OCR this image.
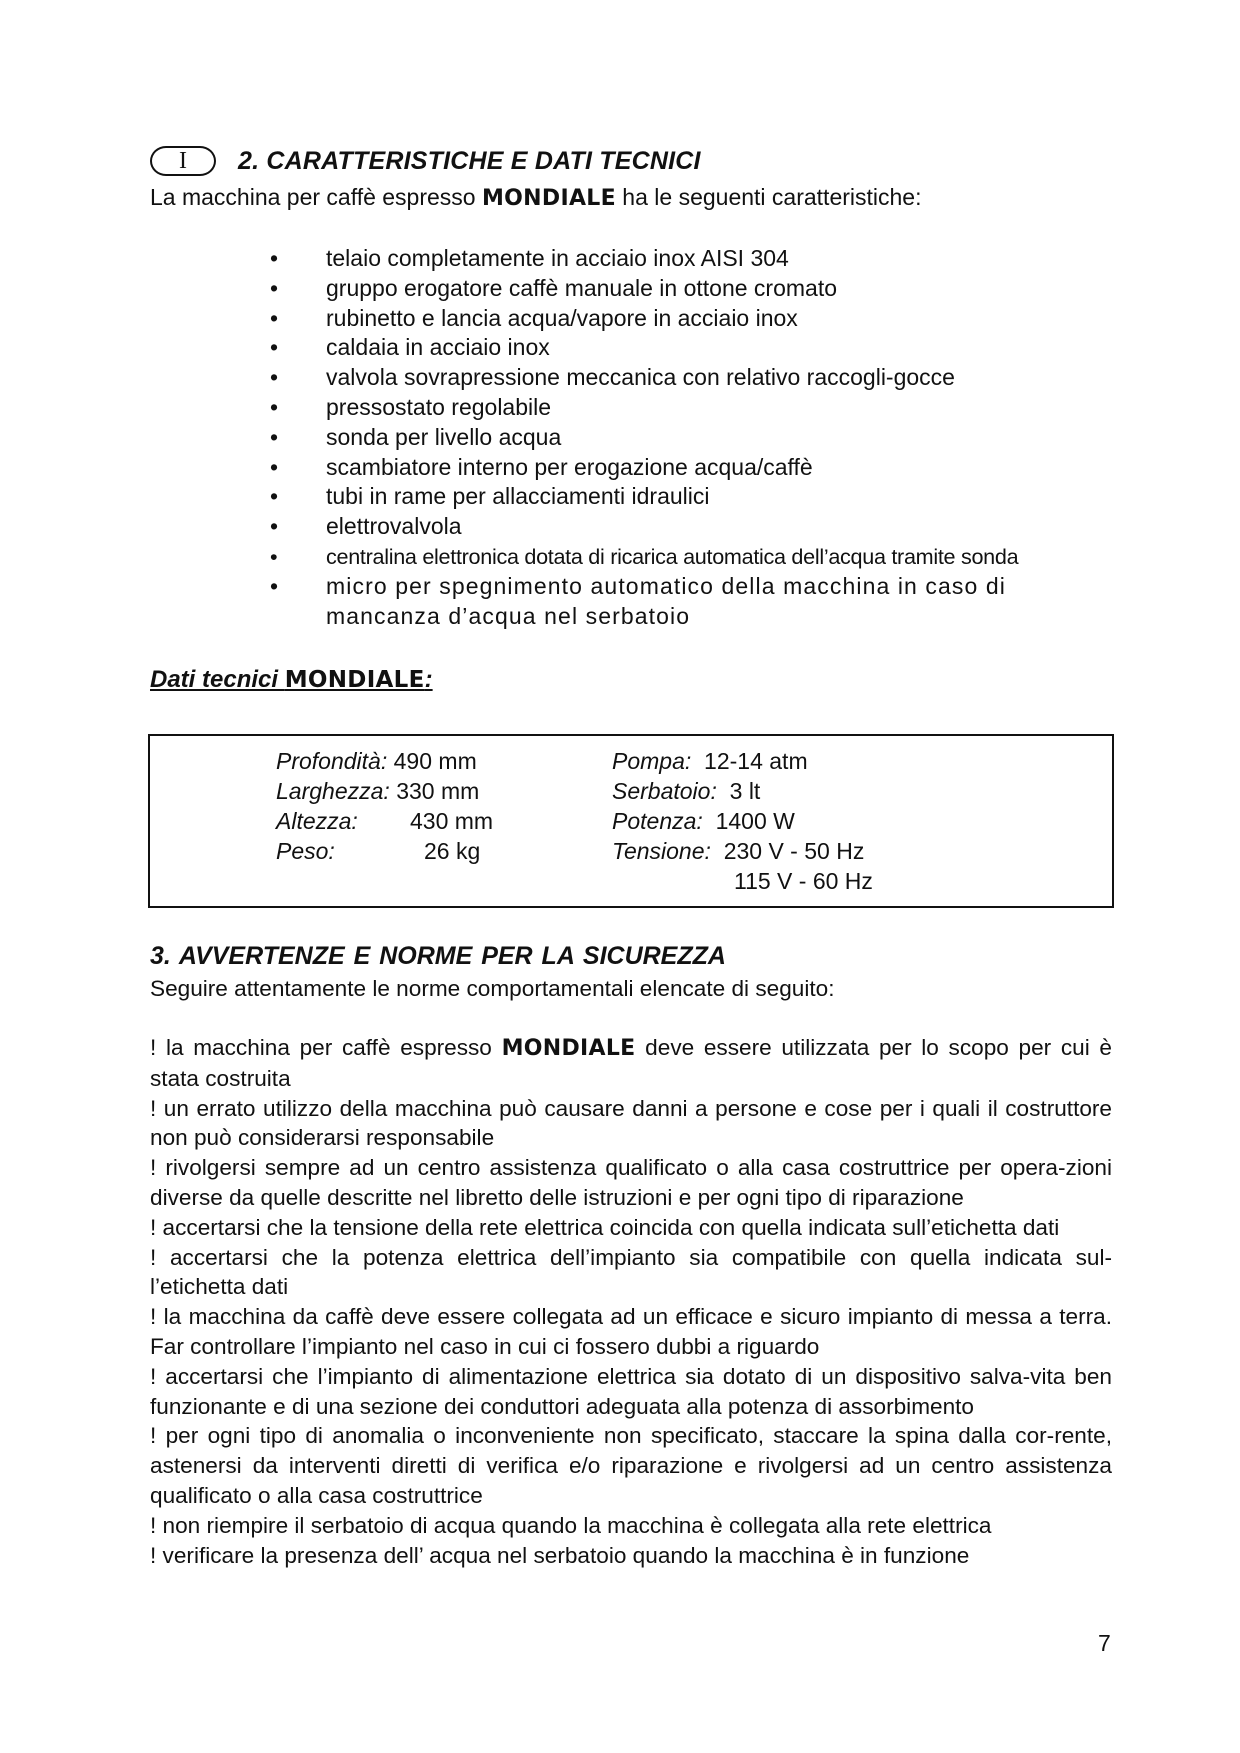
I	2. CARATTERISTICHE E DATI TECNICI
La macchina per caffè espresso MONDIALE ha le seguenti caratteristiche:
• telaio completamente in acciaio inox AISI 304
• gruppo erogatore caffè manuale in ottone cromato
• rubinetto e lancia acqua/vapore in acciaio inox
• caldaia in acciaio inox
• valvola sovrapressione meccanica con relativo raccogli-gocce
• pressostato regolabile
• sonda per livello acqua
• scambiatore interno per erogazione acqua/caffè
• tubi in rame per allacciamenti idraulici
• elettrovalvola
• centralina elettronica dotata di ricarica automatica dell’acqua tramite sonda
• micro per spegnimento automatico della macchina in caso di
mancanza d’acqua nel serbatoio
Dati tecnici MONDIALE:
Profondità: 490 mm
Larghezza: 330 mm
Altezza: 430 mm
Peso:	26 kg
Pompa: 12-14 atm
Serbatoio: 3 lt
Potenza: 1400 W
Tensione: 230 V - 50 Hz
115 V - 60 Hz
3. AVVERTENZE E NORME PER LA SICUREZZA
Seguire attentamente le norme comportamentali elencate di seguito:
! la macchina per caffè espresso MONDIALE deve essere utilizzata per lo scopo per cui è stata costruita
! un errato utilizzo della macchina può causare danni a persone e cose per i quali il costruttore non può considerarsi responsabile
! rivolgersi sempre ad un centro assistenza qualificato o alla casa costruttrice per opera-zioni diverse da quelle descritte nel libretto delle istruzioni e per ogni tipo di riparazione
! accertarsi che la tensione della rete elettrica coincida con quella indicata sull’etichetta dati
! accertarsi che la potenza elettrica dell’impianto sia compatibile con quella indicata sul-l’etichetta dati
! la macchina da caffè deve essere collegata ad un efficace e sicuro impianto di messa a terra. Far controllare l’impianto nel caso in cui ci fossero dubbi a riguardo
! accertarsi che l’impianto di alimentazione elettrica sia dotato di un dispositivo salva-vita ben funzionante e di una sezione dei conduttori adeguata alla potenza di assorbimento
! per ogni tipo di anomalia o inconveniente non specificato, staccare la spina dalla cor-rente, astenersi da interventi diretti di verifica e/o riparazione e rivolgersi ad un centro assistenza qualificato o alla casa costruttrice
! non riempire il serbatoio di acqua quando la macchina è collegata alla rete elettrica
! verificare la presenza dell’ acqua nel serbatoio quando la macchina è in funzione
7
